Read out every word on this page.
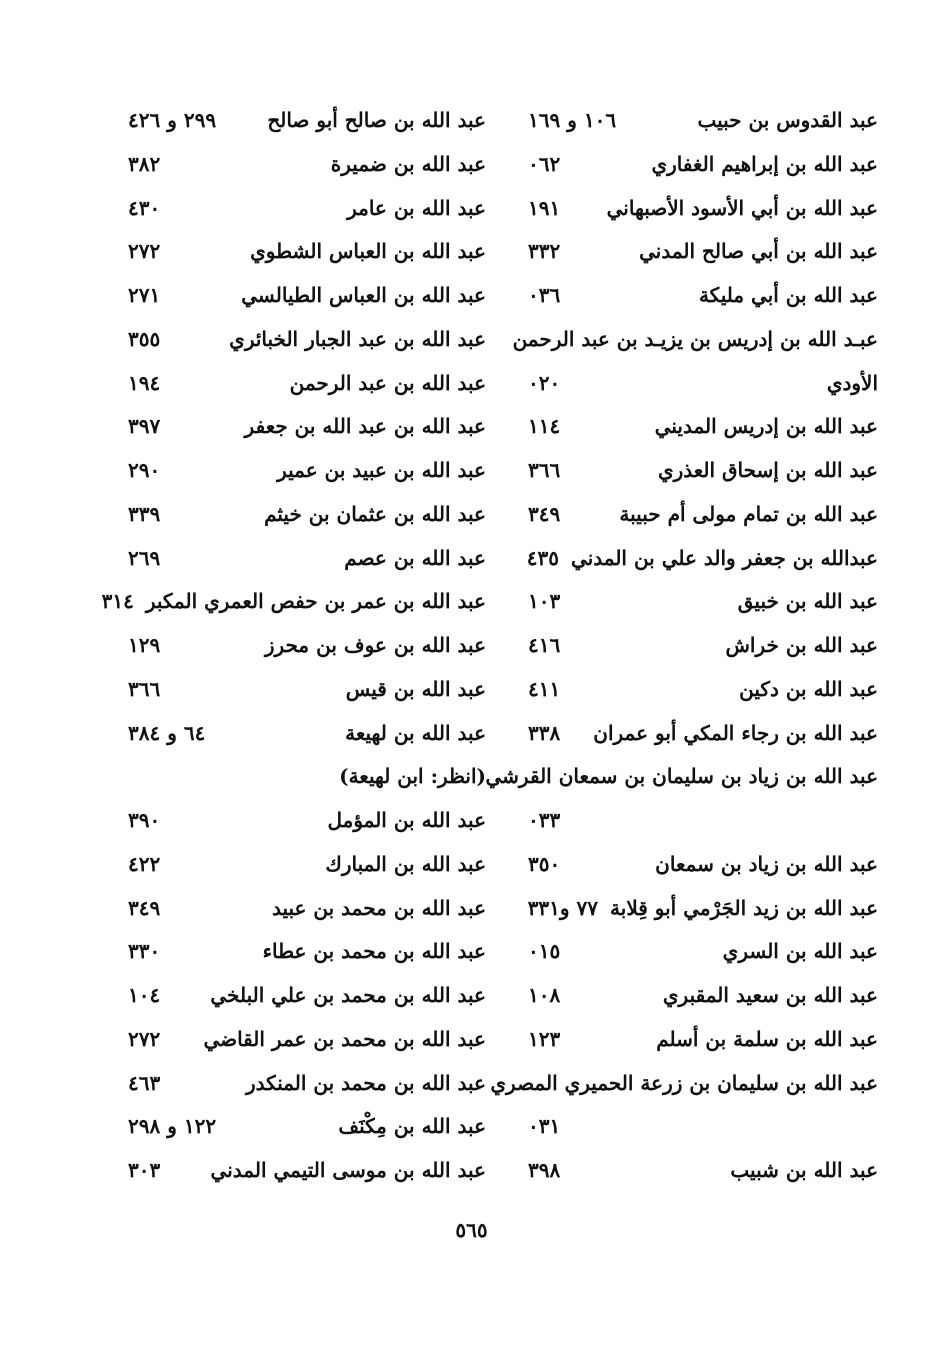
عبد القدوس بن حبيب
١٠٦ و ١٦٩
عبد الله بن إبراهيم الغفاري
٠٦٢
عبد الله بن أبي الأسود الأصبهاني
١٩١
عبد الله بن أبي صالح المدني
٣٣٢
عبد الله بن أبي مليكة
٠٣٦
عبـد الله بن إدريس بن يزيـد بن عبد الرحمن
الأودي
٠٢٠
عبد الله بن إدريس المديني
١١٤
عبد الله بن إسحاق العذري
٣٦٦
عبد الله بن تمام مولى أم حبيبة
٣٤٩
عبدالله بن جعفر والد علي بن المدني
٤٣٥
عبد الله بن خبيق
١٠٣
عبد الله بن خراش
٤١٦
عبد الله بن دكين
٤١١
عبد الله بن رجاء المكي أبو عمران
٣٣٨
عبد الله بن زياد بن سليمان بن سمعان القرشي
٠٣٣
عبد الله بن زياد بن سمعان
٣٥٠
عبد الله بن زيد الجَرْمي أبو قِلابة
٧٧ و٣٣١
عبد الله بن السري
٠١٥
عبد الله بن سعيد المقبري
١٠٨
عبد الله بن سلمة بن أسلم
١٢٣
عبد الله بن سليمان بن زرعة الحميري المصري
٠٣١
عبد الله بن شبيب
٣٩٨
عبد الله بن صالح أبو صالح
٢٩٩ و ٤٢٦
عبد الله بن ضميرة
٣٨٢
عبد الله بن عامر
٤٣٠
عبد الله بن العباس الشطوي
٢٧٢
عبد الله بن العباس الطيالسي
٢٧١
عبد الله بن عبد الجبار الخبائري
٣٥٥
عبد الله بن عبد الرحمن
١٩٤
عبد الله بن عبد الله بن جعفر
٣٩٧
عبد الله بن عبيد بن عمير
٢٩٠
عبد الله بن عثمان بن خيثم
٣٣٩
عبد الله بن عصم
٢٦٩
عبد الله بن عمر بن حفص العمري المكبر
٣١٤
عبد الله بن عوف بن محرز
١٢٩
عبد الله بن قيس
٣٦٦
عبد الله بن لهيعة
٦٤ و ٣٨٤
(انظر: ابن لهيعة)
عبد الله بن المؤمل
٣٩٠
عبد الله بن المبارك
٤٢٢
عبد الله بن محمد بن عبيد
٣٤٩
عبد الله بن محمد بن عطاء
٣٣٠
عبد الله بن محمد بن علي البلخي
١٠٤
عبد الله بن محمد بن عمر القاضي
٢٧٢
عبد الله بن محمد بن المنكدر
٤٦٣
عبد الله بن مِكْنَف
١٢٢ و ٢٩٨
عبد الله بن موسى التيمي المدني
٣٠٣
٥٦٥
